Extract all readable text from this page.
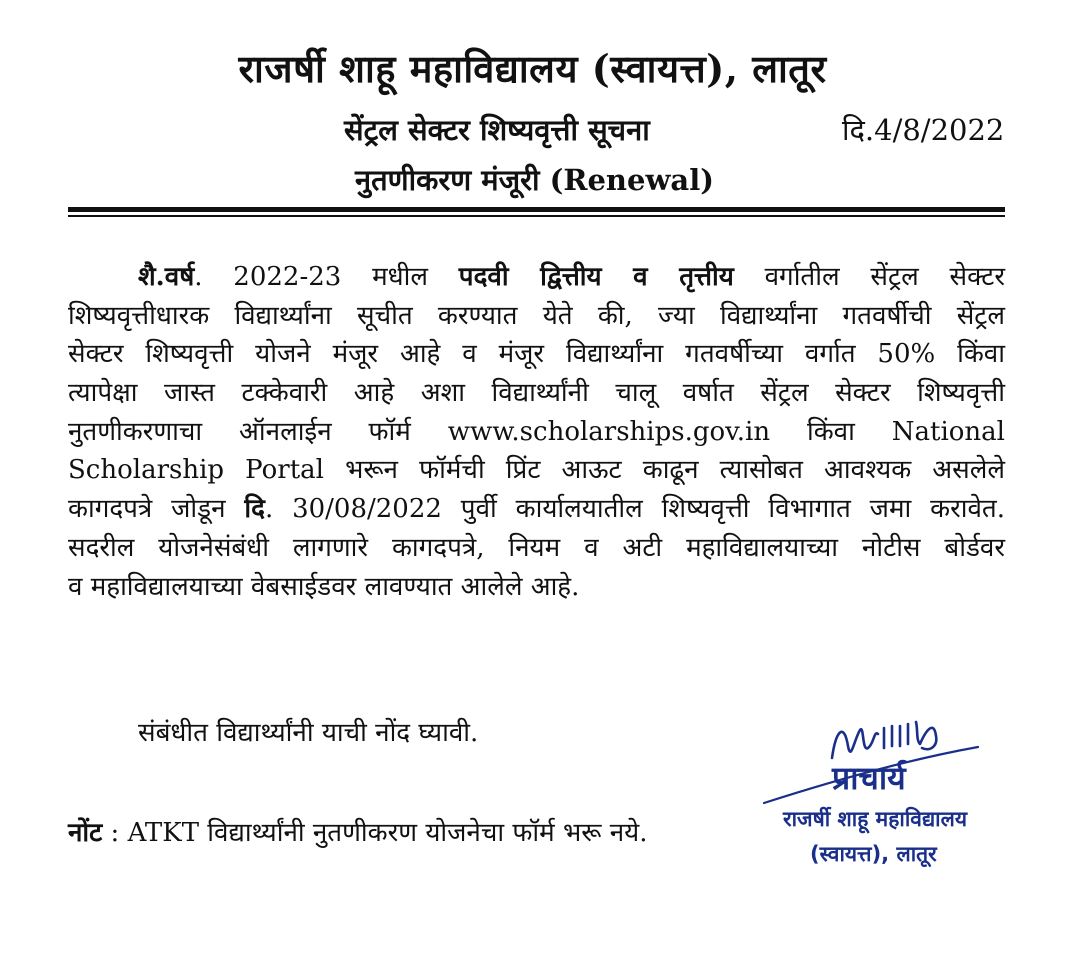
राजर्षी शाहू महाविद्यालय (स्वायत्त), लातूर
सेंट्रल सेक्टर शिष्यवृत्ती सूचना	दि.4/8/2022
नुतणीकरण मंजूरी (Renewal)
शै.वर्ष. 2022-23 मधील पदवी द्वित्तीय व तृत्तीय वर्गातील सेंट्रल सेक्टर
शिष्यवृत्तीधारक विद्यार्थ्यांना सूचीत करण्यात येते की, ज्या विद्यार्थ्यांना गतवर्षीची सेंट्रल
सेक्टर शिष्यवृत्ती योजने मंजूर आहे व मंजूर विद्यार्थ्यांना गतवर्षीच्या वर्गात 50% किंवा
त्यापेक्षा जास्त टक्केवारी आहे अशा विद्यार्थ्यांनी चालू वर्षात सेंट्रल सेक्टर शिष्यवृत्ती
नुतणीकरणाचा ऑनलाईन फॉर्म www.scholarships.gov.in किंवा National
Scholarship Portal भरून फॉर्मची प्रिंट आऊट काढून त्यासोबत आवश्यक असलेले
कागदपत्रे जोडून दि. 30/08/2022 पुर्वी कार्यालयातील शिष्यवृत्ती विभागात जमा करावेत.
सदरील योजनेसंबंधी लागणारे कागदपत्रे, नियम व अटी महाविद्यालयाच्या नोटीस बोर्डवर
व महाविद्यालयाच्या वेबसाईडवर लावण्यात आलेले आहे.
संबंधीत विद्यार्थ्यांनी याची नोंद घ्यावी.
नोंट : ATKT विद्यार्थ्यांनी नुतणीकरण योजनेचा फॉर्म भरू नये.
प्राचार्य
राजर्षी शाहू महाविद्यालय
(स्वायत्त), लातूर
